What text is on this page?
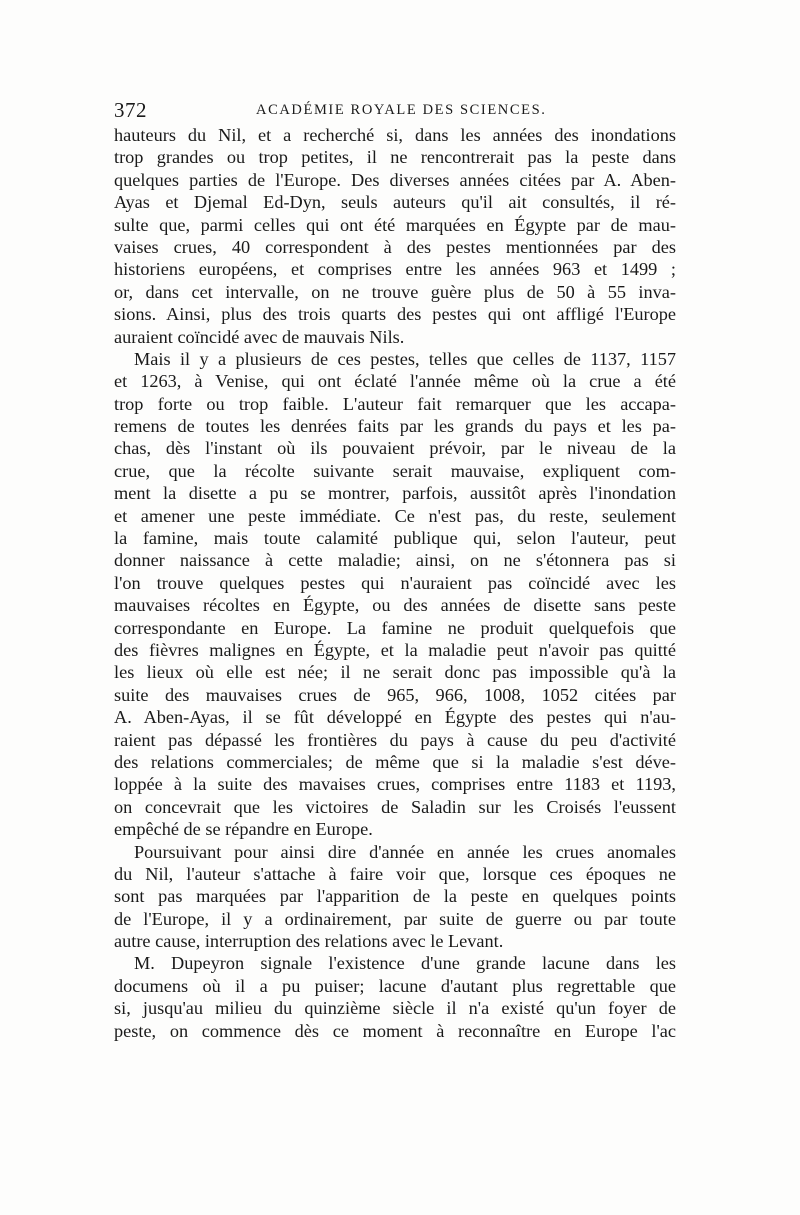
372	ACADÉMIE ROYALE DES SCIENCES.
hauteurs du Nil, et a recherché si, dans les années des inondations
trop grandes ou trop petites, il ne rencontrerait pas la peste dans
quelques parties de l'Europe. Des diverses années citées par A. Aben-
Ayas et Djemal Ed-Dyn, seuls auteurs qu'il ait consultés, il ré-
sulte que, parmi celles qui ont été marquées en Égypte par de mau-
vaises crues, 40 correspondent à des pestes mentionnées par des
historiens européens, et comprises entre les années 963 et 1499 ;
or, dans cet intervalle, on ne trouve guère plus de 50 à 55 inva-
sions. Ainsi, plus des trois quarts des pestes qui ont affligé l'Europe
auraient coïncidé avec de mauvais Nils.
Mais il y a plusieurs de ces pestes, telles que celles de 1137, 1157
et 1263, à Venise, qui ont éclaté l'année même où la crue a été
trop forte ou trop faible. L'auteur fait remarquer que les accapa-
remens de toutes les denrées faits par les grands du pays et les pa-
chas, dès l'instant où ils pouvaient prévoir, par le niveau de la
crue, que la récolte suivante serait mauvaise, expliquent com-
ment la disette a pu se montrer, parfois, aussitôt après l'inondation
et amener une peste immédiate. Ce n'est pas, du reste, seulement
la famine, mais toute calamité publique qui, selon l'auteur, peut
donner naissance à cette maladie; ainsi, on ne s'étonnera pas si
l'on trouve quelques pestes qui n'auraient pas coïncidé avec les
mauvaises récoltes en Égypte, ou des années de disette sans peste
correspondante en Europe. La famine ne produit quelquefois que
des fièvres malignes en Égypte, et la maladie peut n'avoir pas quitté
les lieux où elle est née; il ne serait donc pas impossible qu'à la
suite des mauvaises crues de 965, 966, 1008, 1052 citées par
A. Aben-Ayas, il se fût développé en Égypte des pestes qui n'au-
raient pas dépassé les frontières du pays à cause du peu d'activité
des relations commerciales; de même que si la maladie s'est déve-
loppée à la suite des mavaises crues, comprises entre 1183 et 1193,
on concevrait que les victoires de Saladin sur les Croisés l'eussent
empêché de se répandre en Europe.
Poursuivant pour ainsi dire d'année en année les crues anomales
du Nil, l'auteur s'attache à faire voir que, lorsque ces époques ne
sont pas marquées par l'apparition de la peste en quelques points
de l'Europe, il y a ordinairement, par suite de guerre ou par toute
autre cause, interruption des relations avec le Levant.
M. Dupeyron signale l'existence d'une grande lacune dans les
documens où il a pu puiser; lacune d'autant plus regrettable que
si, jusqu'au milieu du quinzième siècle il n'a existé qu'un foyer de
peste, on commence dès ce moment à reconnaître en Europe l'ac
